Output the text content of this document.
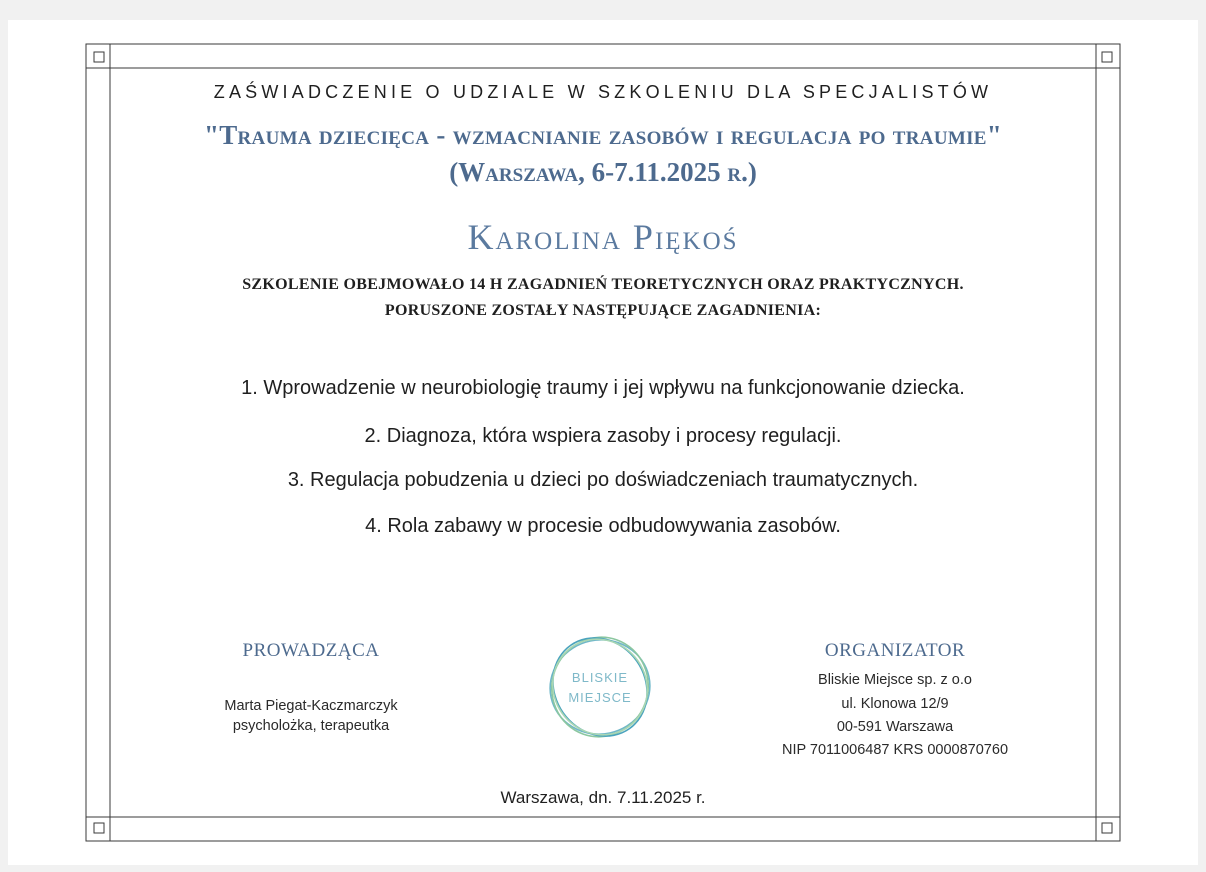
ZAŚWIADCZENIE O UDZIALE W SZKOLENIU DLA SPECJALISTÓW
"Trauma dziecięca - wzmacnianie zasobów i regulacja po traumie"
(Warszawa, 6-7.11.2025 r.)
Karolina Piękoś
SZKOLENIE OBEJMOWAŁO 14 H ZAGADNIEŃ TEORETYCZNYCH ORAZ PRAKTYCZNYCH.
PORUSZONE ZOSTAŁY NASTĘPUJĄCE ZAGADNIENIA:
1. Wprowadzenie w neurobiologię traumy i jej wpływu na funkcjonowanie dziecka.
2. Diagnoza, która wspiera zasoby i procesy regulacji.
3. Regulacja pobudzenia u dzieci po doświadczeniach traumatycznych.
4. Rola zabawy w procesie odbudowywania zasobów.
PROWADZĄCA
Marta Piegat-Kaczmarczyk
psycholożka, terapeutka
BLISKIE
MIEJSCE
ORGANIZATOR
Bliskie Miejsce sp. z o.o
ul. Klonowa 12/9
00-591 Warszawa
NIP 7011006487 KRS 0000870760
Warszawa, dn. 7.11.2025 r.
